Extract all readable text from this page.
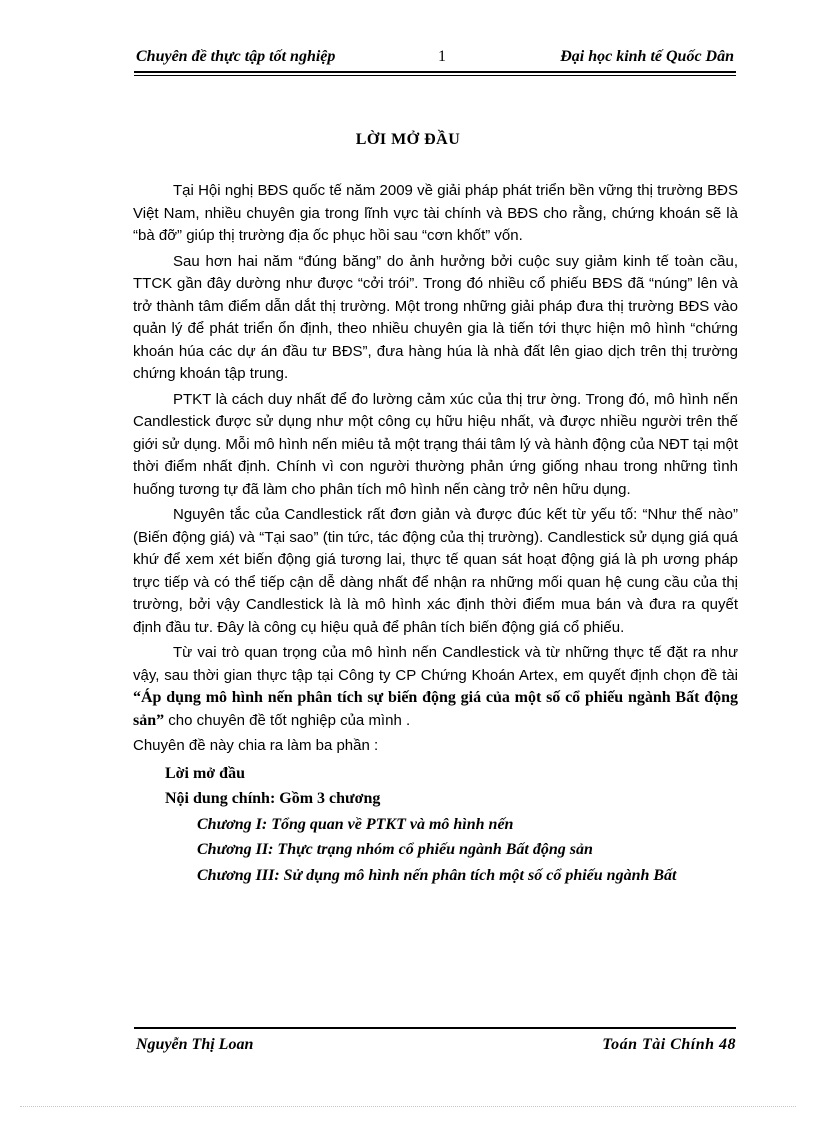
Chuyên đề thực tập tốt nghiệp	1	Đại học kinh tế Quốc Dân
LỜI MỞ ĐẦU

Tại Hội nghị BĐS quốc tế năm 2009 về giải pháp phát triển bền vững thị trường BĐS Việt Nam, nhiều chuyên gia trong lĩnh vực tài chính và BĐS cho rằng, chứng khoán sẽ là “bà đỡ” giúp thị trường địa ốc phục hồi sau “cơn khốt” vốn.

Sau hơn hai năm “đúng băng” do ảnh hưởng bởi cuộc suy giảm kinh tế toàn cầu, TTCK gần đây dường như được “cởi trói”. Trong đó nhiều cổ phiếu BĐS đã “núng” lên và trở thành tâm điểm dẫn dắt thị trường. Một trong những giải pháp đưa thị trường BĐS vào quản lý để phát triển ổn định, theo nhiều chuyên gia là tiến tới thực hiện mô hình “chứng khoán húa các dự án đầu tư BĐS”, đưa hàng húa là nhà đất lên giao dịch trên thị trường chứng khoán tập trung.

PTKT là cách duy nhất để đo lường cảm xúc của thị trư ờng. Trong đó, mô hình nến Candlestick được sử dụng như một công cụ hữu hiệu nhất, và được nhiều người trên thế giới sử dụng. Mỗi mô hình nến miêu tả một trạng thái tâm lý và hành động của NĐT tại một thời điểm nhất định. Chính vì con người thường phản ứng giống nhau trong những tình huống tương tự đã làm cho phân tích mô hình nến càng trở nên hữu dụng.

Nguyên tắc của Candlestick rất đơn giản và được đúc kết từ yếu tố: “Như thế nào” (Biến động giá) và “Tại sao” (tin tức, tác động của thị trường). Candlestick sử dụng giá quá khứ để xem xét biến động giá tương lai, thực tế quan sát hoạt động giá là ph ương pháp trực tiếp và có thể tiếp cận dễ dàng nhất để nhận ra những mối quan hệ cung cầu của thị trường, bởi vậy Candlestick là là mô hình xác định thời điểm mua bán và đưa ra quyết định đầu tư. Đây là công cụ hiệu quả để phân tích biến động giá cổ phiếu.

Từ vai trò quan trọng của mô hình nến Candlestick và từ những thực tế đặt ra như vậy, sau thời gian thực tập tại Công ty CP Chứng Khoán Artex, em quyết định chọn đề tài “Áp dụng mô hình nến phân tích sự biến động giá của một số cổ phiếu ngành Bất động sản” cho chuyên đề tốt nghiệp của mình .

Chuyên đề này chia ra làm ba phần :

Lời mở đầu
Nội dung chính: Gồm 3 chương
Chương I: Tổng quan về PTKT và mô hình nến
Chương II: Thực trạng nhóm cổ phiếu ngành Bất động sản
Chương III: Sử dụng mô hình nến phân tích một số cổ phiếu ngành Bất
Nguyễn Thị Loan	Toán Tài Chính 48
